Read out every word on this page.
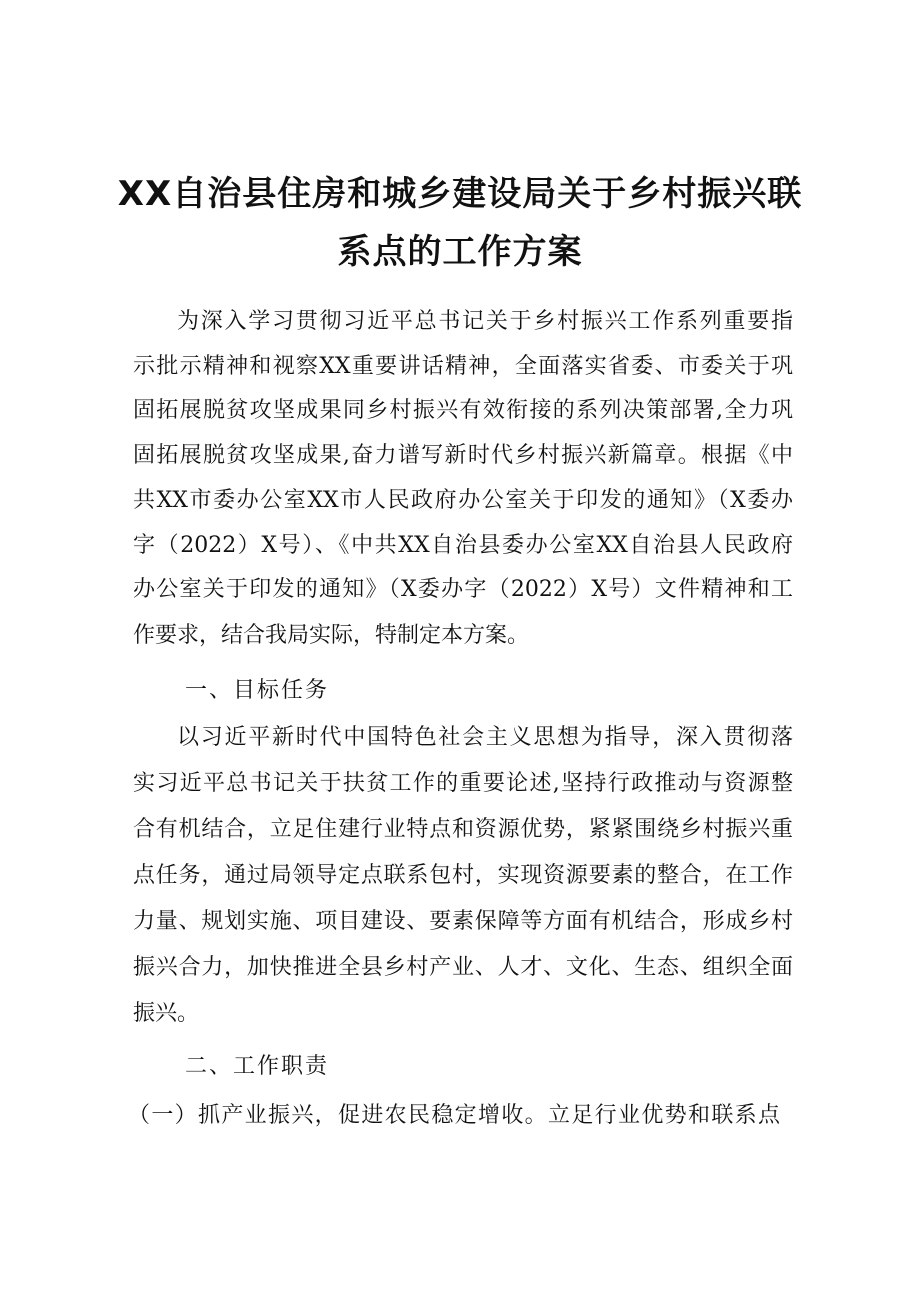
XX自治县住房和城乡建设局关于乡村振兴联
系点的工作方案
为深入学习贯彻习近平总书记关于乡村振兴工作系列重要指
示批示精神和视察XX重要讲话精神，全面落实省委、市委关于巩
固拓展脱贫攻坚成果同乡村振兴有效衔接的系列决策部署,全力巩
固拓展脱贫攻坚成果,奋力谱写新时代乡村振兴新篇章。根据《中
共XX市委办公室XX市人民政府办公室关于印发的通知》（X委办
字（2022）X号）、《中共XX自治县委办公室XX自治县人民政府
办公室关于印发的通知》（X委办字（2022）X号）文件精神和工
作要求，结合我局实际，特制定本方案。
一、目标任务
以习近平新时代中国特色社会主义思想为指导，深入贯彻落
实习近平总书记关于扶贫工作的重要论述,坚持行政推动与资源整
合有机结合，立足住建行业特点和资源优势，紧紧围绕乡村振兴重
点任务，通过局领导定点联系包村，实现资源要素的整合，在工作
力量、规划实施、项目建设、要素保障等方面有机结合，形成乡村
振兴合力，加快推进全县乡村产业、人才、文化、生态、组织全面
振兴。
二、工作职责
（一）抓产业振兴，促进农民稳定增收。立足行业优势和联系点
